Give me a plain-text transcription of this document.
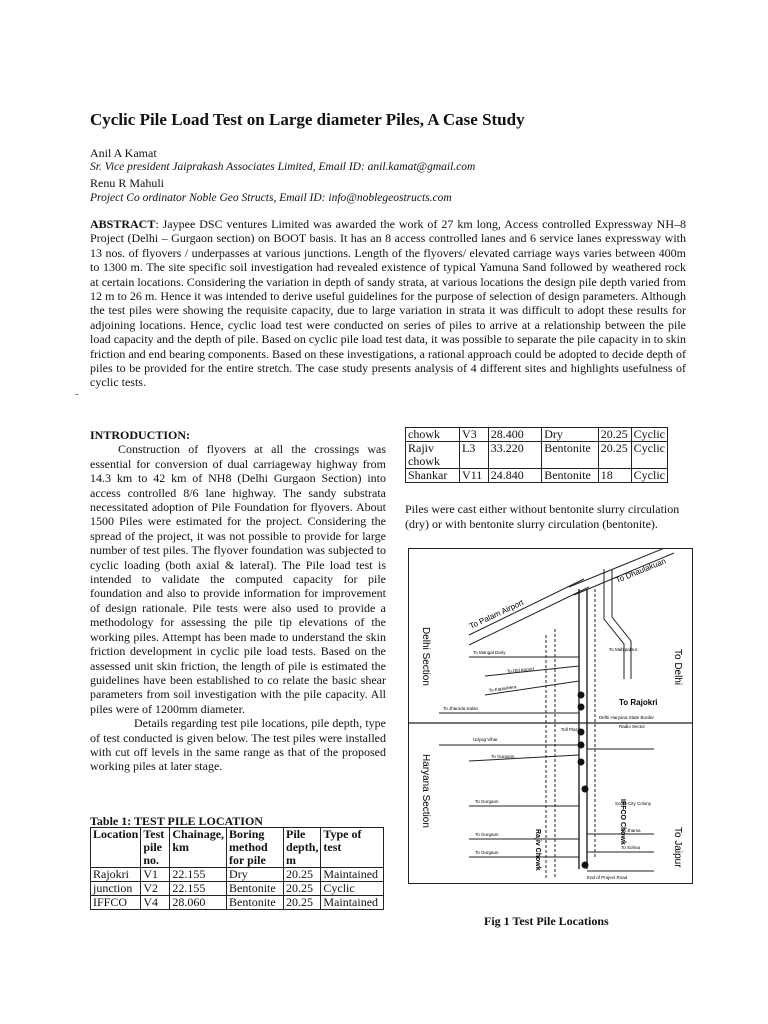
Cyclic Pile Load Test on Large diameter Piles, A Case Study
Anil A Kamat
Sr. Vice president Jaiprakash Associates Limited, Email ID: anil.kamat@gmail.com
Renu R Mahuli
Project Co ordinator Noble Geo Structs, Email ID: info@noblegeostructs.com
ABSTRACT: Jaypee DSC ventures Limited was awarded the work of 27 km long, Access controlled Expressway NH–8 Project (Delhi – Gurgaon section) on BOOT basis. It has an 8 access controlled lanes and 6 service lanes expressway with 13 nos. of flyovers / underpasses at various junctions. Length of the flyovers/ elevated carriage ways varies between 400m to 1300 m. The site specific soil investigation had revealed existence of typical Yamuna Sand followed by weathered rock at certain locations. Considering the variation in depth of sandy strata, at various locations the design pile depth varied from 12 m to 26 m. Hence it was intended to derive useful guidelines for the purpose of selection of design parameters. Although the test piles were showing the requisite capacity, due to large variation in strata it was difficult to adopt these results for adjoining locations. Hence, cyclic load test were conducted on series of piles to arrive at a relationship between the pile load capacity and the depth of pile. Based on cyclic pile load test data, it was possible to separate the pile capacity in to skin friction and end bearing components. Based on these investigations, a rational approach could be adopted to decide depth of piles to be provided for the entire stretch. The case study presents analysis of 4 different sites and highlights usefulness of cyclic tests.
-
INTRODUCTION:

Construction of flyovers at all the crossings was essential for conversion of dual carriageway highway from 14.3 km to 42 km of NH8 (Delhi Gurgaon Section) into access controlled 8/6 lane highway. The sandy substrata necessitated adoption of Pile Foundation for flyovers. About 1500 Piles were estimated for the project. Considering the spread of the project, it was not possible to provide for large number of test piles. The flyover foundation was subjected to cyclic loading (both axial & lateral). The Pile load test is intended to validate the computed capacity for pile foundation and also to provide information for improvement of design rationale. Pile tests were also used to provide a methodology for assessing the pile tip elevations of the working piles. Attempt has been made to understand the skin friction development in cyclic pile load tests. Based on the assessed unit skin friction, the length of pile is estimated the guidelines have been established to co relate the basic shear parameters from soil investigation with the pile capacity. All piles were of 1200mm diameter.

Details regarding test pile locations, pile depth, type of test conducted is given below. The test piles were installed with cut off levels in the same range as that of the proposed working piles at later stage.

Table 1: TEST PILE LOCATION
Location	Test pile no.	Chainage, km	Boring method for pile	Pile depth, m	Type of test
Rajokri	V1	22.155	Dry	20.25	Maintained
junction	V2	22.155	Bentonite	20.25	Cyclic
IFFCO	V4	28.060	Bentonite	20.25	Maintained
chowk	V3	28.400	Dry	20.25	Cyclic
Rajiv chowk	L3	33.220	Bentonite	20.25	Cyclic
Shankar	V11	24.840	Bentonite	18	Cyclic
Piles were cast either without bentonite slurry circulation (dry) or with bentonite slurry circulation (bentonite).
To Dhaulakuan
To Palam Airport
Delhi Section
Haryana Section
To Delhi
To Jaipur
To Rajokri
IFFCO Chowk
Rajiv Chowk
To Mangal Dairy
To Old Airport
To Kapashera
To Jharoda Kalan
Udyog Vihar
To Gurgaon
To Gurgaon
To Gurgaon
To Gurgaon
To Mahipalpur
Delhi Haryana State Border
Toll Plaza
Radio Sector
To Jharsa
To Sohna
South City Colony
End of Project Road
Fig 1 Test Pile Locations
